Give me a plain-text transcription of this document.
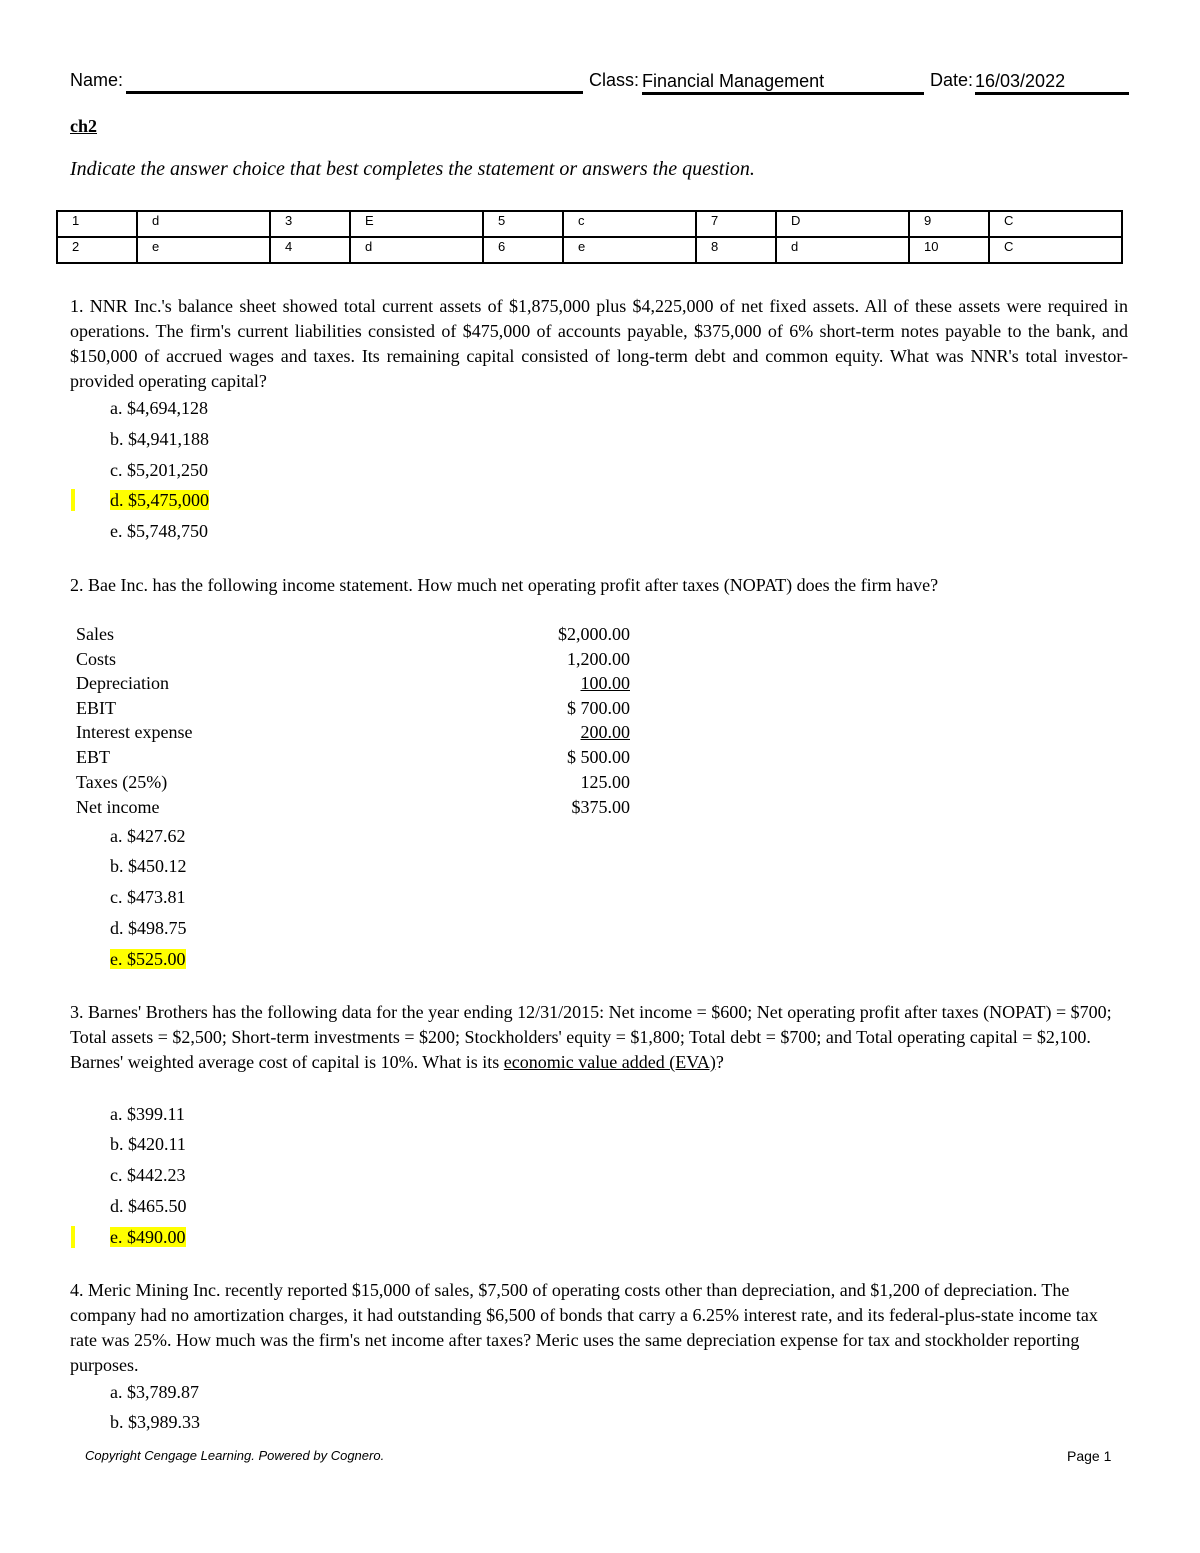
Name:	Class: Financial Management	Date: 16/03/2022
ch2
Indicate the answer choice that best completes the statement or answers the question.
1	d	3	E	5	c	7	D	9	C
2	e	4	d	6	e	8	d	10	C
1. NNR Inc.'s balance sheet showed total current assets of $1,875,000 plus $4,225,000 of net fixed assets. All of these assets were required in operations. The firm's current liabilities consisted of $475,000 of accounts payable, $375,000 of 6% short-term notes payable to the bank, and $150,000 of accrued wages and taxes. Its remaining capital consisted of long-term debt and common equity. What was NNR's total investor-provided operating capital?
a. $4,694,128
b. $4,941,188
c. $5,201,250
d. $5,475,000
e. $5,748,750
2. Bae Inc. has the following income statement. How much net operating profit after taxes (NOPAT) does the firm have?
Sales	$2,000.00
Costs	1,200.00
Depreciation	100.00
EBIT	$ 700.00
Interest expense	200.00
EBT	$ 500.00
Taxes (25%)	125.00
Net income	$375.00
a. $427.62
b. $450.12
c. $473.81
d. $498.75
e. $525.00
3. Barnes' Brothers has the following data for the year ending 12/31/2015: Net income = $600; Net operating profit after taxes (NOPAT) = $700; Total assets = $2,500; Short-term investments = $200; Stockholders' equity = $1,800; Total debt = $700; and Total operating capital = $2,100. Barnes' weighted average cost of capital is 10%. What is its economic value added (EVA)?
a. $399.11
b. $420.11
c. $442.23
d. $465.50
e. $490.00
4. Meric Mining Inc. recently reported $15,000 of sales, $7,500 of operating costs other than depreciation, and $1,200 of depreciation. The company had no amortization charges, it had outstanding $6,500 of bonds that carry a 6.25% interest rate, and its federal-plus-state income tax rate was 25%. How much was the firm's net income after taxes? Meric uses the same depreciation expense for tax and stockholder reporting purposes.
a. $3,789.87
b. $3,989.33
Copyright Cengage Learning. Powered by Cognero.	Page 1
